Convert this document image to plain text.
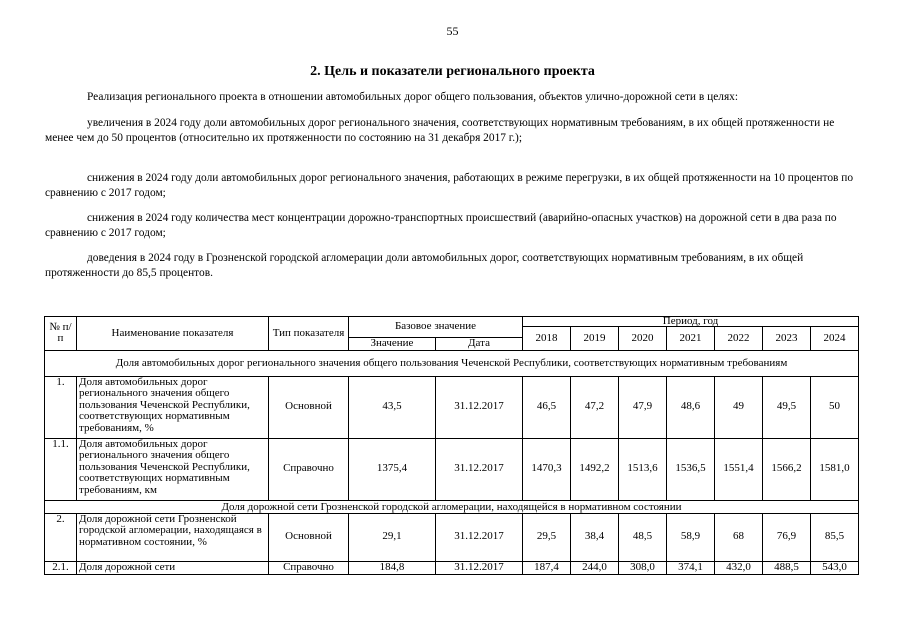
55
2. Цель и показатели регионального проекта
Реализация регионального проекта в отношении автомобильных дорог общего пользования, объектов улично-дорожной сети в целях:
увеличения в 2024 году доли автомобильных дорог регионального значения, соответствующих нормативным требованиям, в их общей протяженности не менее чем до 50 процентов (относительно их протяженности по состоянию на 31 декабря 2017 г.);
снижения в 2024 году доли автомобильных дорог регионального значения, работающих в режиме перегрузки, в их общей протяженности на 10 процентов по сравнению с 2017 годом;
снижения в 2024 году количества мест концентрации дорожно-транспортных происшествий (аварийно-опасных участков) на дорожной сети в два раза по сравнению с 2017 годом;
доведения в 2024 году в Грозненской городской агломерации доли автомобильных дорог, соответствующих нормативным требованиям, в их общей протяженности до 85,5 процентов.
№ п/п	Наименование показателя	Тип показателя	Базовое значение		Период, год						
					2018	2019	2020	2021	2022	2023	2024
			Значение	Дата							
Доля автомобильных дорог регионального значения общего пользования Чеченской Республики, соответствующих нормативным требованиям											
1.	Доля автомобильных дорог регионального значения общего пользования Чеченской Республики, соответствующих нормативным требованиям, %	Основной	43,5	31.12.2017	46,5	47,2	47,9	48,6	49	49,5	50
1.1.	Доля автомобильных дорог регионального значения общего пользования Чеченской Республики, соответствующих нормативным требованиям, км	Справочно	1375,4	31.12.2017	1470,3	1492,2	1513,6	1536,5	1551,4	1566,2	1581,0
Доля дорожной сети Грозненской городской агломерации, находящейся в нормативном состоянии											
2.	Доля дорожной сети Грозненской городской агломерации, находящаяся в нормативном состоянии, %	Основной	29,1	31.12.2017	29,5	38,4	48,5	58,9	68	76,9	85,5
2.1.	Доля дорожной сети	Справочно	184,8	31.12.2017	187,4	244,0	308,0	374,1	432,0	488,5	543,0
